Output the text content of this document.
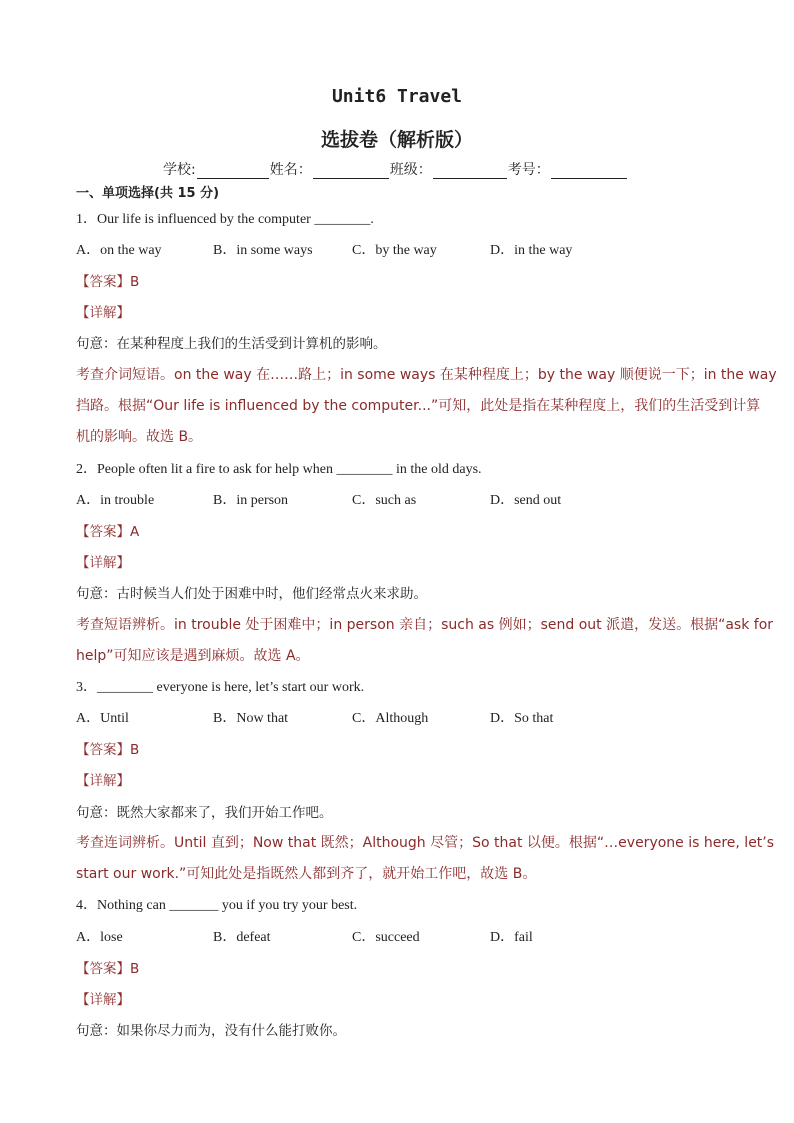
Unit6 Travel
选拔卷（解析版）
学校:	姓名：	班级：	考号：
一、单项选择(共 15 分)
1．Our life is influenced by the computer ________.
A．on the way	B．in some ways	C．by the way	D．in the way
【答案】B
【详解】
句意：在某种程度上我们的生活受到计算机的影响。
考查介词短语。on the way 在……路上；in some ways 在某种程度上；by the way 顺便说一下；in the way
挡路。根据“Our life is influenced by the computer...”可知，此处是指在某种程度上，我们的生活受到计算
机的影响。故选 B。
2．People often lit a fire to ask for help when ________ in the old days.
A．in trouble	B．in person	C．such as	D．send out
【答案】A
【详解】
句意：古时候当人们处于困难中时，他们经常点火来求助。
考查短语辨析。in trouble 处于困难中；in person 亲自；such as 例如；send out 派遣，发送。根据“ask for
help”可知应该是遇到麻烦。故选 A。
3．________ everyone is here, let’s start our work.
A．Until	B．Now that	C．Although	D．So that
【答案】B
【详解】
句意：既然大家都来了，我们开始工作吧。
考查连词辨析。Until 直到；Now that 既然；Although 尽管；So that 以便。根据“…everyone is here, let’s
start our work.”可知此处是指既然人都到齐了，就开始工作吧，故选 B。
4．Nothing can _______ you if you try your best.
A．lose	B．defeat	C．succeed	D．fail
【答案】B
【详解】
句意：如果你尽力而为，没有什么能打败你。
